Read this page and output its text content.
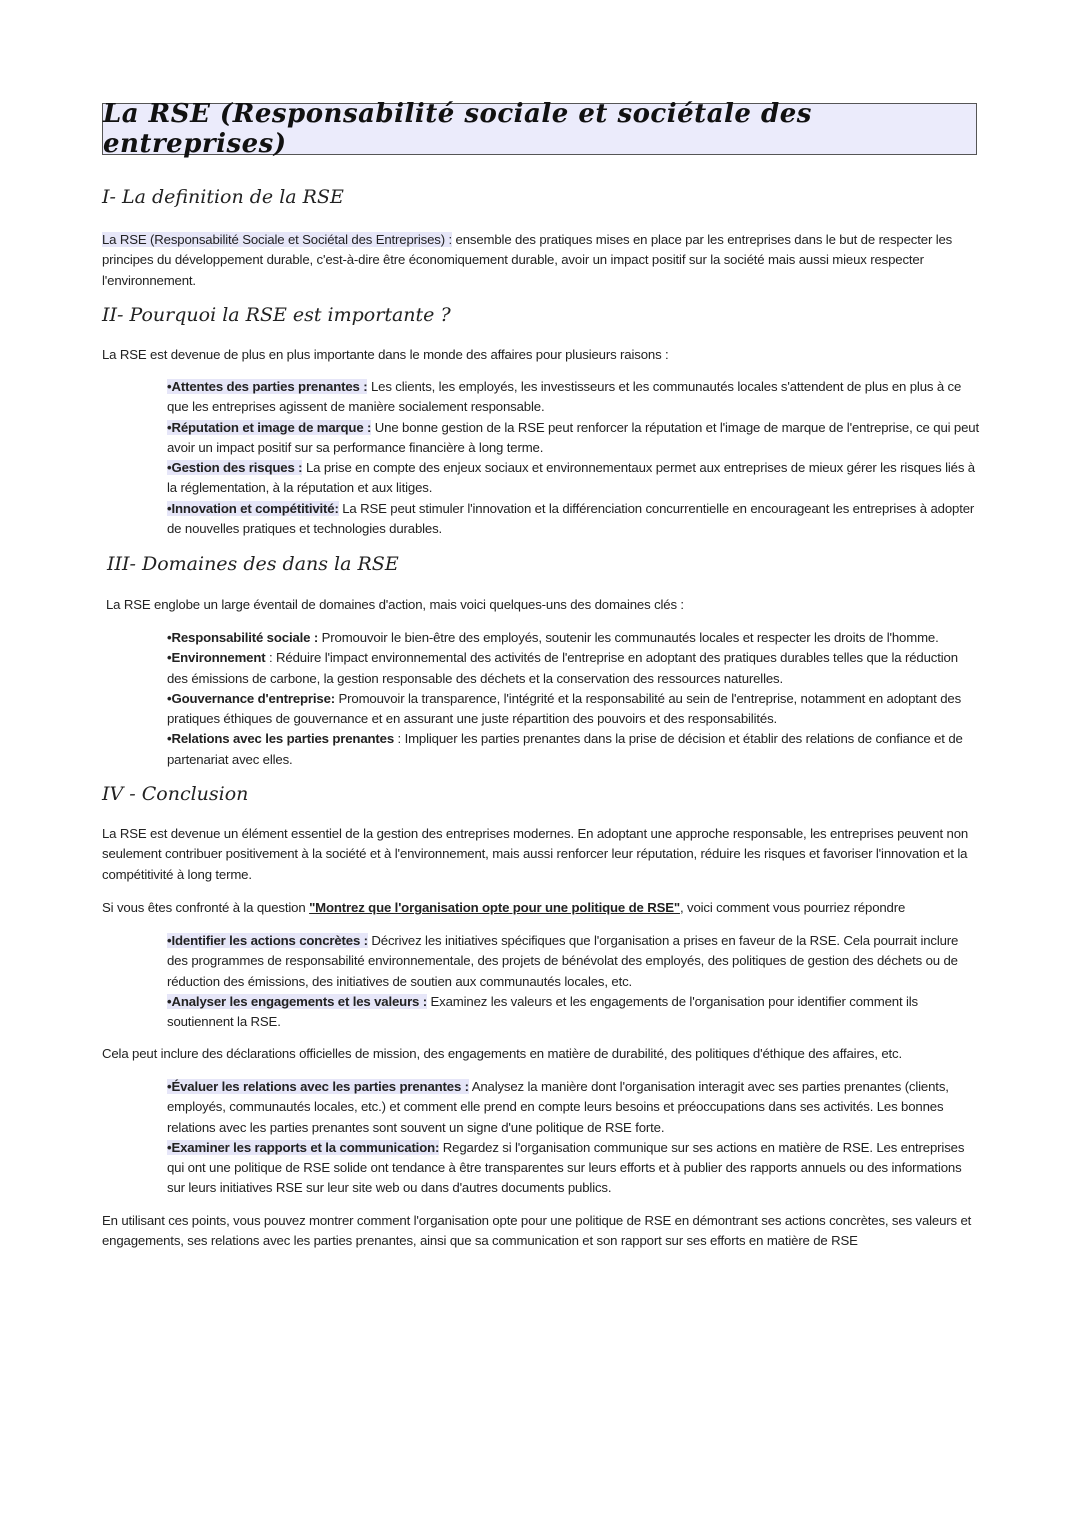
La RSE (Responsabilité sociale et sociétale des entreprises)
I- La definition de la RSE
La RSE (Responsabilité Sociale et Sociétal des Entreprises) : ensemble des pratiques mises en place par les entreprises dans le but de respecter les principes du développement durable, c'est-à-dire être économiquement durable, avoir un impact positif sur la société mais aussi mieux respecter l'environnement.
II- Pourquoi la RSE est importante ?
La RSE est devenue de plus en plus importante dans le monde des affaires pour plusieurs raisons :
•Attentes des parties prenantes : Les clients, les employés, les investisseurs et les communautés locales s'attendent de plus en plus à ce que les entreprises agissent de manière socialement responsable.
•Réputation et image de marque : Une bonne gestion de la RSE peut renforcer la réputation et l'image de marque de l'entreprise, ce qui peut avoir un impact positif sur sa performance financière à long terme.
•Gestion des risques : La prise en compte des enjeux sociaux et environnementaux permet aux entreprises de mieux gérer les risques liés à la réglementation, à la réputation et aux litiges.
•Innovation et compétitivité: La RSE peut stimuler l'innovation et la différenciation concurrentielle en encourageant les entreprises à adopter de nouvelles pratiques et technologies durables.
III- Domaines des dans la RSE
La RSE englobe un large éventail de domaines d'action, mais voici quelques-uns des domaines clés :
•Responsabilité sociale : Promouvoir le bien-être des employés, soutenir les communautés locales et respecter les droits de l'homme.
•Environnement : Réduire l'impact environnemental des activités de l'entreprise en adoptant des pratiques durables telles que la réduction des émissions de carbone, la gestion responsable des déchets et la conservation des ressources naturelles.
•Gouvernance d'entreprise: Promouvoir la transparence, l'intégrité et la responsabilité au sein de l'entreprise, notamment en adoptant des pratiques éthiques de gouvernance et en assurant une juste répartition des pouvoirs et des responsabilités.
•Relations avec les parties prenantes : Impliquer les parties prenantes dans la prise de décision et établir des relations de confiance et de partenariat avec elles.
IV - Conclusion
La RSE est devenue un élément essentiel de la gestion des entreprises modernes. En adoptant une approche responsable, les entreprises peuvent non seulement contribuer positivement à la société et à l'environnement, mais aussi renforcer leur réputation, réduire les risques et favoriser l'innovation et la compétitivité à long terme.
Si vous êtes confronté à la question "Montrez que l'organisation opte pour une politique de RSE", voici comment vous pourriez répondre
•Identifier les actions concrètes : Décrivez les initiatives spécifiques que l'organisation a prises en faveur de la RSE. Cela pourrait inclure des programmes de responsabilité environnementale, des projets de bénévolat des employés, des politiques de gestion des déchets ou de réduction des émissions, des initiatives de soutien aux communautés locales, etc.
•Analyser les engagements et les valeurs : Examinez les valeurs et les engagements de l'organisation pour identifier comment ils soutiennent la RSE.
Cela peut inclure des déclarations officielles de mission, des engagements en matière de durabilité, des politiques d'éthique des affaires, etc.
•Évaluer les relations avec les parties prenantes : Analysez la manière dont l'organisation interagit avec ses parties prenantes (clients, employés, communautés locales, etc.) et comment elle prend en compte leurs besoins et préoccupations dans ses activités. Les bonnes relations avec les parties prenantes sont souvent un signe d'une politique de RSE forte.
•Examiner les rapports et la communication: Regardez si l'organisation communique sur ses actions en matière de RSE. Les entreprises qui ont une politique de RSE solide ont tendance à être transparentes sur leurs efforts et à publier des rapports annuels ou des informations sur leurs initiatives RSE sur leur site web ou dans d'autres documents publics.
En utilisant ces points, vous pouvez montrer comment l'organisation opte pour une politique de RSE en démontrant ses actions concrètes, ses valeurs et engagements, ses relations avec les parties prenantes, ainsi que sa communication et son rapport sur ses efforts en matière de RSE
